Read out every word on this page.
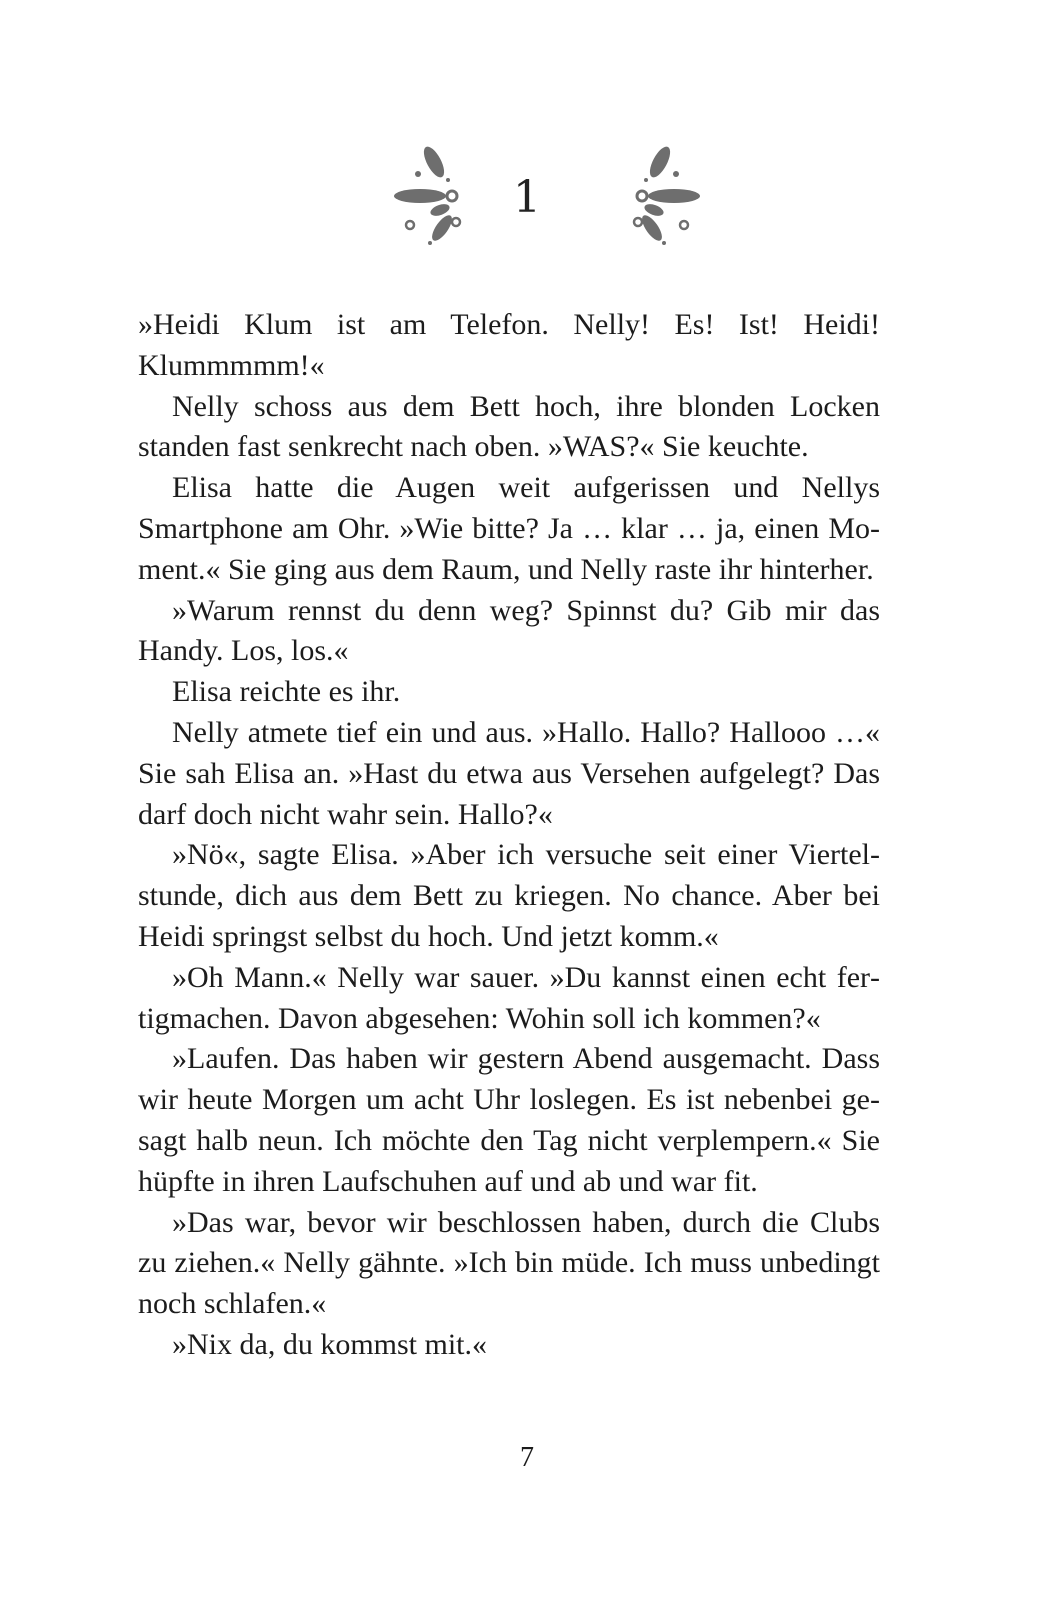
1

»Heidi Klum ist am Telefon. Nelly! Es! Ist! Heidi! Klummmmm!«

Nelly schoss aus dem Bett hoch, ihre blonden Locken standen fast senkrecht nach oben. »WAS?« Sie keuchte.

Elisa hatte die Augen weit aufgerissen und Nellys Smartphone am Ohr. »Wie bitte? Ja … klar … ja, einen Moment.« Sie ging aus dem Raum, und Nelly raste ihr hinterher.

»Warum rennst du denn weg? Spinnst du? Gib mir das Handy. Los, los.«

Elisa reichte es ihr.

Nelly atmete tief ein und aus. »Hallo. Hallo? Hallooo …« Sie sah Elisa an. »Hast du etwa aus Versehen aufgelegt? Das darf doch nicht wahr sein. Hallo?«

»Nö«, sagte Elisa. »Aber ich versuche seit einer Viertelstunde, dich aus dem Bett zu kriegen. No chance. Aber bei Heidi springst selbst du hoch. Und jetzt komm.«

»Oh Mann.« Nelly war sauer. »Du kannst einen echt fertigmachen. Davon abgesehen: Wohin soll ich kommen?«

»Laufen. Das haben wir gestern Abend ausgemacht. Dass wir heute Morgen um acht Uhr loslegen. Es ist nebenbei gesagt halb neun. Ich möchte den Tag nicht verplempern.« Sie hüpfte in ihren Laufschuhen auf und ab und war fit.

»Das war, bevor wir beschlossen haben, durch die Clubs zu ziehen.« Nelly gähnte. »Ich bin müde. Ich muss unbedingt noch schlafen.«

»Nix da, du kommst mit.«

7
